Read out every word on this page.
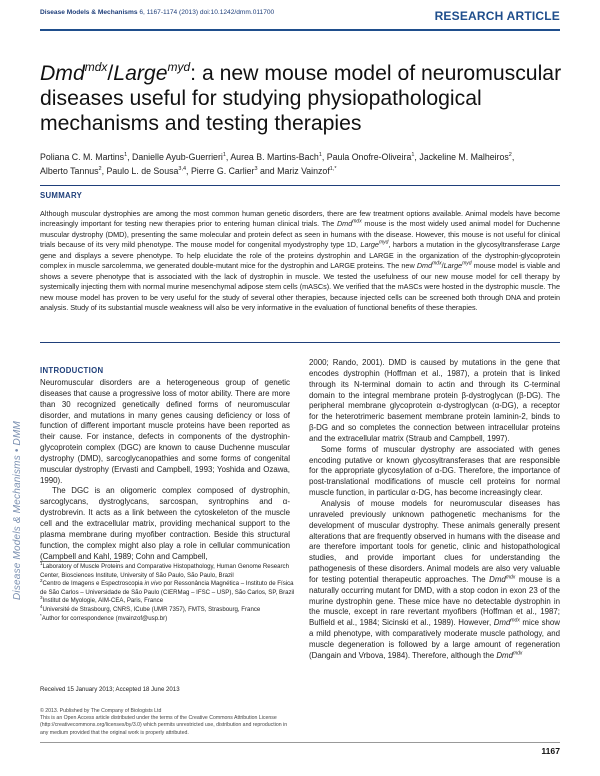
Disease Models & Mechanisms 6, 1167-1174 (2013) doi:10.1242/dmm.011700	RESEARCH ARTICLE
Dmd$^{mdx}$/Large$^{myd}$: a new mouse model of neuromuscular diseases useful for studying physiopathological mechanisms and testing therapies
Poliana C. M. Martins$^1$, Danielle Ayub-Guerrieri$^1$, Aurea B. Martins-Bach$^1$, Paula Onofre-Oliveira$^1$, Jackeline M. Malheiros$^2$,
Alberto Tannus$^2$, Paulo L. de Sousa$^{3,4}$, Pierre G. Carlier$^3$ and Mariz Vainzof$^{1,*}$
SUMMARY
Although muscular dystrophies are among the most common human genetic disorders, there are few treatment options available. Animal models have become increasingly important for testing new therapies prior to entering human clinical trials. The Dmd$^{mdx}$ mouse is the most widely used animal model for Duchenne muscular dystrophy (DMD), presenting the same molecular and protein defect as seen in humans with the disease. However, this mouse is not useful for clinical trials because of its very mild phenotype. The mouse model for congenital myodystrophy type 1D, Large$^{myd}$, harbors a mutation in the glycosyltransferase Large gene and displays a severe phenotype. To help elucidate the role of the proteins dystrophin and LARGE in the organization of the dystrophin-glycoprotein complex in muscle sarcolemma, we generated double-mutant mice for the dystrophin and LARGE proteins. The new Dmd$^{mdx}$/Large$^{myd}$ mouse model is viable and shows a severe phenotype that is associated with the lack of dystrophin in muscle. We tested the usefulness of our new mouse model for cell therapy by systemically injecting them with normal murine mesenchymal adipose stem cells (mASCs). We verified that the mASCs were hosted in the dystrophic muscle. The new mouse model has proven to be very useful for the study of several other therapies, because injected cells can be screened both through DNA and protein analysis. Study of its substantial muscle weakness will also be very informative in the evaluation of functional benefits of these therapies.
Disease Models & Mechanisms • DMM
INTRODUCTION

Neuromuscular disorders are a heterogeneous group of genetic diseases that cause a progressive loss of motor ability. There are more than 30 recognized genetically defined forms of neuromuscular disorder, and mutations in many genes causing deficiency or loss of function of different important muscle proteins have been reported as their cause. For instance, defects in components of the dystrophin-glycoprotein complex (DGC) are known to cause Duchenne muscular dystrophy (DMD), sarcoglycanopathies and some forms of congenital muscular dystrophy (Ervasti and Campbell, 1993; Yoshida and Ozawa, 1990).

The DGC is an oligomeric complex composed of dystrophin, sarcoglycans, dystroglycans, sarcospan, syntrophins and α-dystrobrevin. It acts as a link between the cytoskeleton of the muscle cell and the extracellular matrix, providing mechanical support to the plasma membrane during myofiber contraction. Beside this structural function, the complex might also play a role in cellular communication (Campbell and Kahl, 1989; Cohn and Campbell,

2000; Rando, 2001). DMD is caused by mutations in the gene that encodes dystrophin (Hoffman et al., 1987), a protein that is linked through its N-terminal domain to actin and through its C-terminal domain to the integral membrane protein β-dystroglycan (β-DG). The peripheral membrane glycoprotein α-dystroglycan (α-DG), a receptor for the heterotrimeric basement membrane protein laminin-2, binds to β-DG and so completes the connection between intracellular proteins and the extracellular matrix (Straub and Campbell, 1997).

Some forms of muscular dystrophy are associated with genes encoding putative or known glycosyltransferases that are responsible for the appropriate glycosylation of α-DG. Therefore, the importance of post-translational modifications of muscle cell proteins for normal muscle function, in particular α-DG, has become increasingly clear.

Analysis of mouse models for neuromuscular diseases has unraveled previously unknown pathogenetic mechanisms for the development of muscular dystrophy. These animals generally present alterations that are frequently observed in humans with the disease and are therefore important tools for genetic, clinic and histopathological studies, and provide important clues for understanding the pathogenesis of these disorders. Animal models are also very valuable for testing potential therapeutic approaches. The Dmd$^{mdx}$ mouse is a naturally occurring mutant for DMD, with a stop codon in exon 23 of the murine dystrophin gene. These mice have no detectable dystrophin in the muscle, except in rare revertant myofibers (Hoffman et al., 1987; Bulfield et al., 1984; Sicinski et al., 1989). However, Dmd$^{mdx}$ mice show a mild phenotype, with comparatively moderate muscle pathology, and muscle degeneration is followed by a large amount of regeneration (Dangain and Vrbova, 1984). Therefore, although the Dmd$^{mdx}$

$^1$Laboratory of Muscle Proteins and Comparative Histopathology, Human Genome Research Center, Biosciences Institute, University of São Paulo, São Paulo, Brazil
$^2$Centro de Imagens e Espectroscopia in vivo por Ressonância Magnética – Instituto de Física de São Carlos – Universidade de São Paulo (CIERMag – IFSC – USP), São Carlos, SP, Brazil
$^3$Institut de Myologie, AIM-CEA, Paris, France
$^4$Université de Strasbourg, CNRS, ICube (UMR 7357), FMTS, Strasbourg, France
*Author for correspondence (mvainzof@usp.br)
Received 15 January 2013; Accepted 18 June 2013

© 2013. Published by The Company of Biologists Ltd

This is an Open Access article distributed under the terms of the Creative Commons Attribution License (http://creativecommons.org/licenses/by/3.0) which permits unrestricted use, distribution and reproduction in any medium provided that the original work is properly attributed.

1167
